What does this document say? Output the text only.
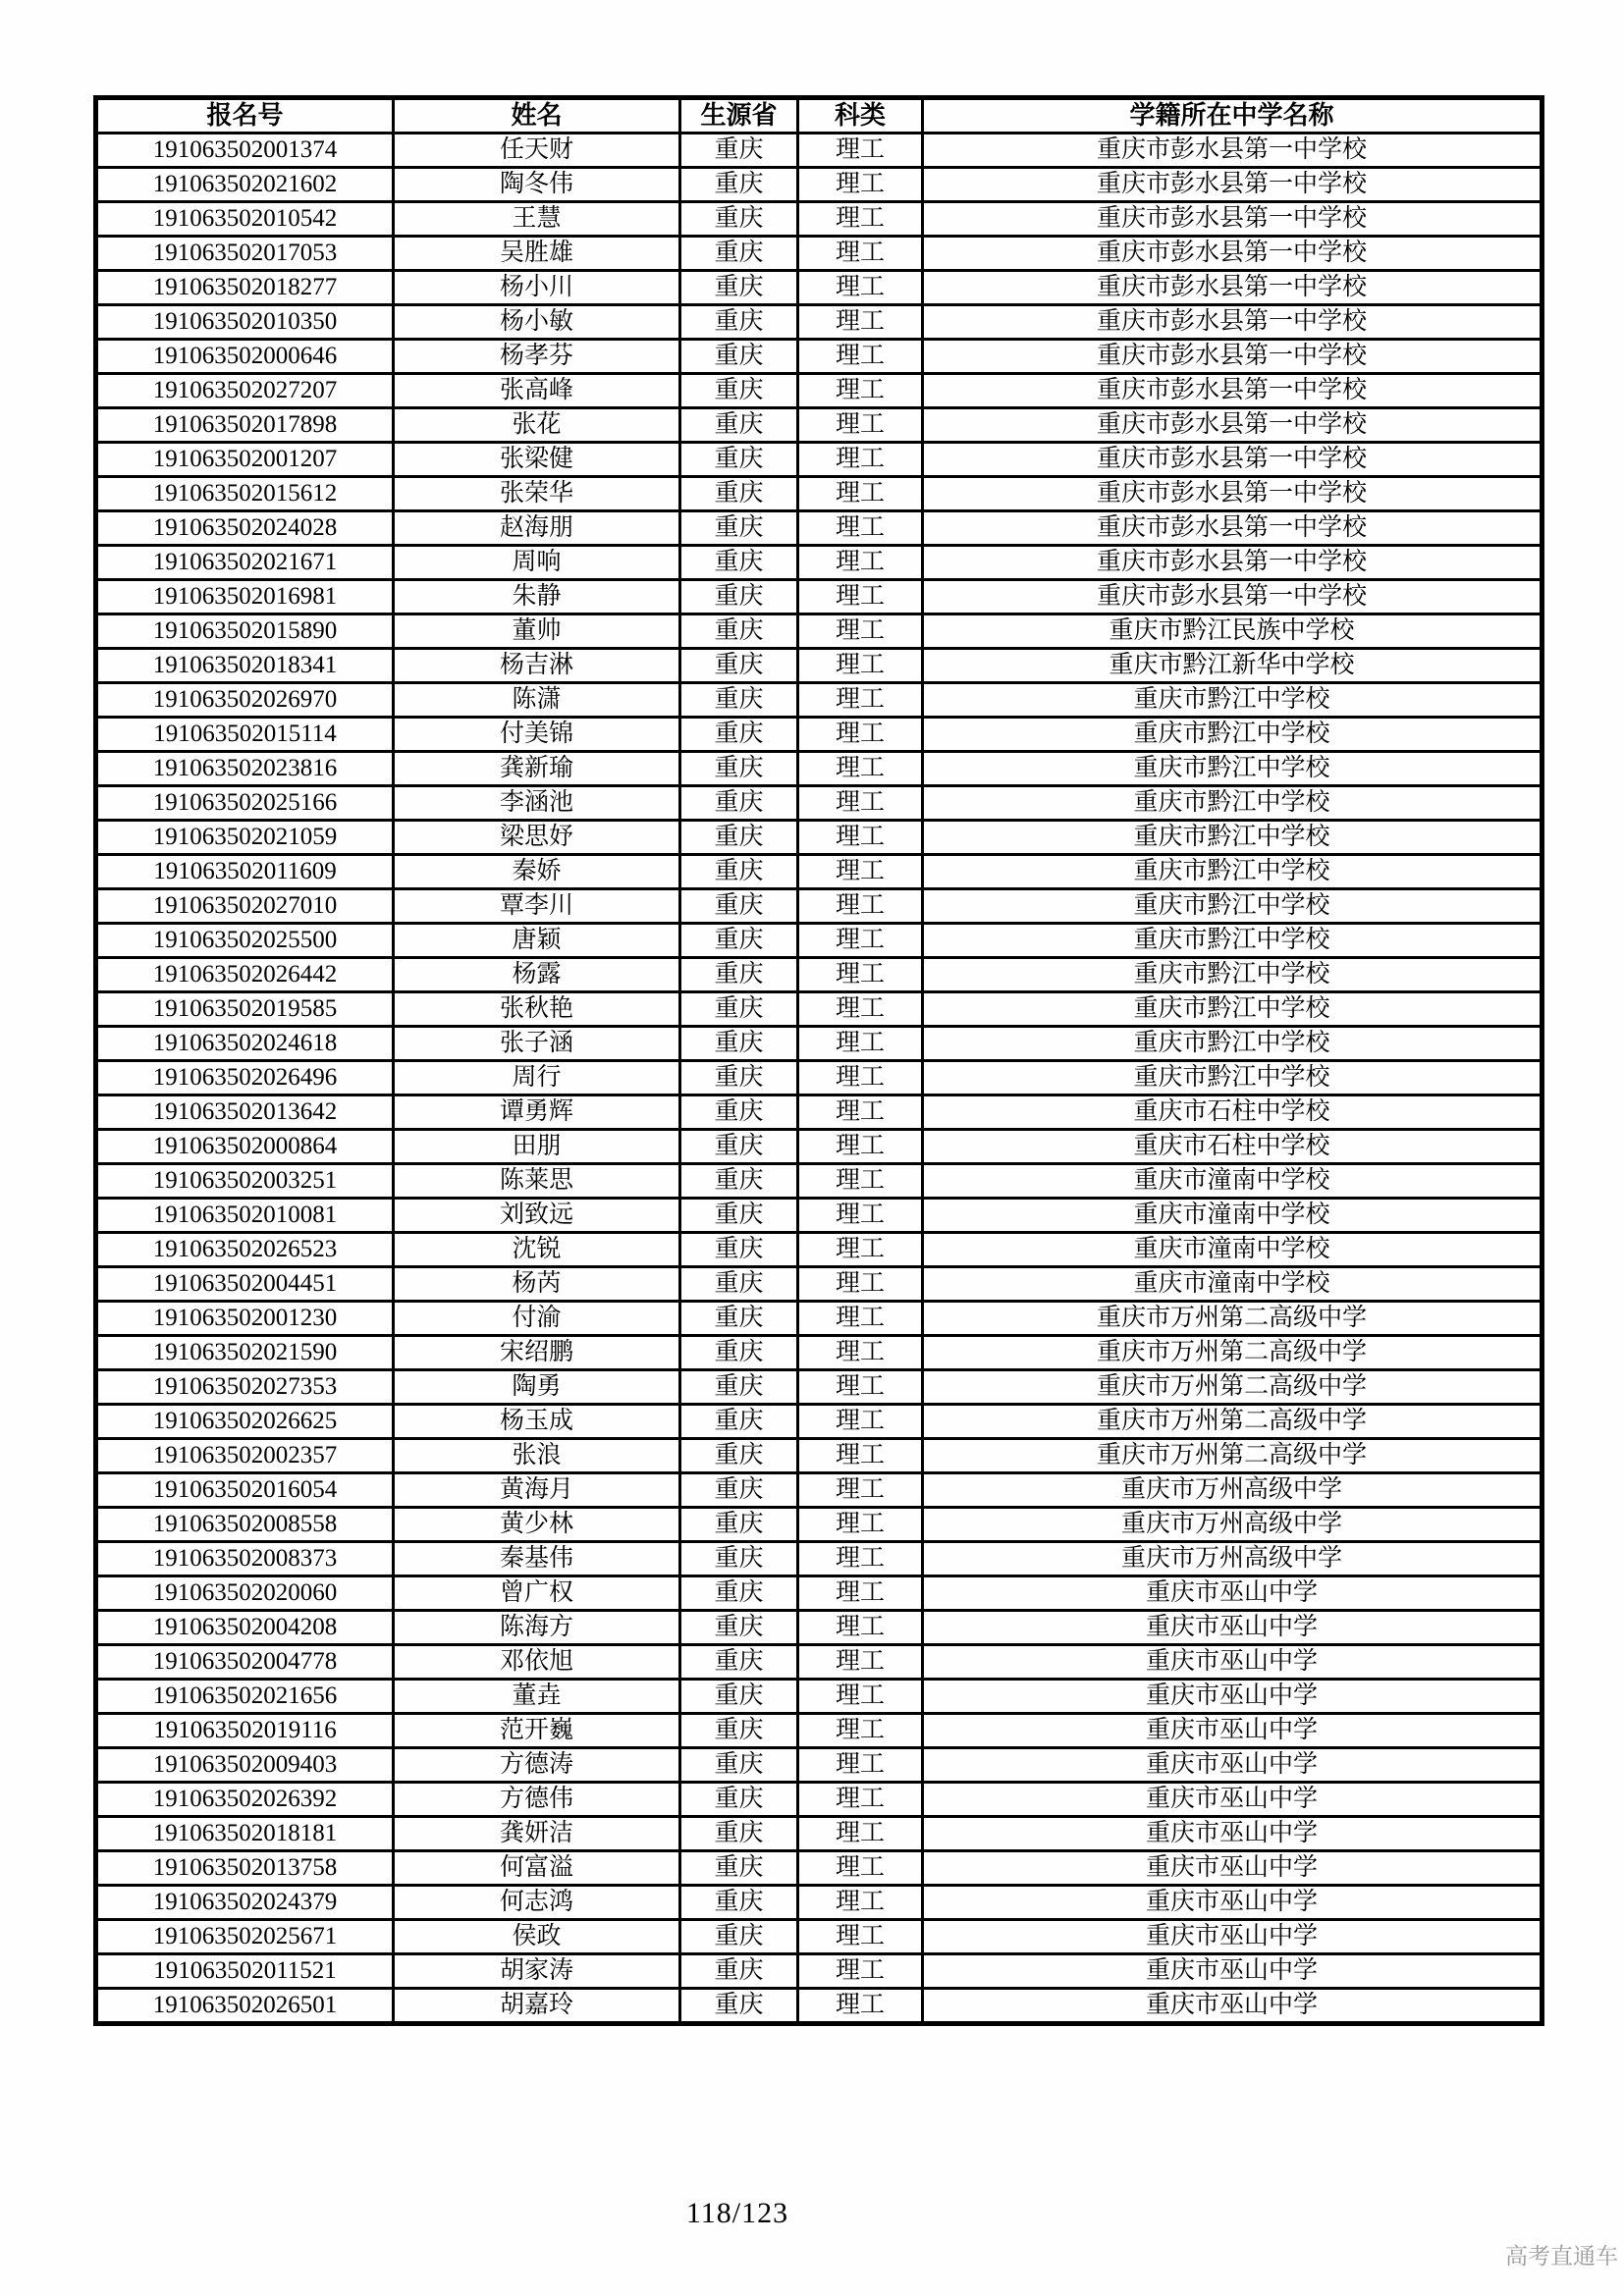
报名号	姓名	生源省	科类	学籍所在中学名称
191063502001374	任天财	重庆	理工	重庆市彭水县第一中学校
191063502021602	陶冬伟	重庆	理工	重庆市彭水县第一中学校
191063502010542	王慧	重庆	理工	重庆市彭水县第一中学校
191063502017053	吴胜雄	重庆	理工	重庆市彭水县第一中学校
191063502018277	杨小川	重庆	理工	重庆市彭水县第一中学校
191063502010350	杨小敏	重庆	理工	重庆市彭水县第一中学校
191063502000646	杨孝芬	重庆	理工	重庆市彭水县第一中学校
191063502027207	张高峰	重庆	理工	重庆市彭水县第一中学校
191063502017898	张花	重庆	理工	重庆市彭水县第一中学校
191063502001207	张梁健	重庆	理工	重庆市彭水县第一中学校
191063502015612	张荣华	重庆	理工	重庆市彭水县第一中学校
191063502024028	赵海朋	重庆	理工	重庆市彭水县第一中学校
191063502021671	周响	重庆	理工	重庆市彭水县第一中学校
191063502016981	朱静	重庆	理工	重庆市彭水县第一中学校
191063502015890	董帅	重庆	理工	重庆市黔江民族中学校
191063502018341	杨吉淋	重庆	理工	重庆市黔江新华中学校
191063502026970	陈潇	重庆	理工	重庆市黔江中学校
191063502015114	付美锦	重庆	理工	重庆市黔江中学校
191063502023816	龚新瑜	重庆	理工	重庆市黔江中学校
191063502025166	李涵池	重庆	理工	重庆市黔江中学校
191063502021059	梁思妤	重庆	理工	重庆市黔江中学校
191063502011609	秦娇	重庆	理工	重庆市黔江中学校
191063502027010	覃李川	重庆	理工	重庆市黔江中学校
191063502025500	唐颖	重庆	理工	重庆市黔江中学校
191063502026442	杨露	重庆	理工	重庆市黔江中学校
191063502019585	张秋艳	重庆	理工	重庆市黔江中学校
191063502024618	张子涵	重庆	理工	重庆市黔江中学校
191063502026496	周行	重庆	理工	重庆市黔江中学校
191063502013642	谭勇辉	重庆	理工	重庆市石柱中学校
191063502000864	田朋	重庆	理工	重庆市石柱中学校
191063502003251	陈莱思	重庆	理工	重庆市潼南中学校
191063502010081	刘致远	重庆	理工	重庆市潼南中学校
191063502026523	沈锐	重庆	理工	重庆市潼南中学校
191063502004451	杨芮	重庆	理工	重庆市潼南中学校
191063502001230	付渝	重庆	理工	重庆市万州第二高级中学
191063502021590	宋绍鹏	重庆	理工	重庆市万州第二高级中学
191063502027353	陶勇	重庆	理工	重庆市万州第二高级中学
191063502026625	杨玉成	重庆	理工	重庆市万州第二高级中学
191063502002357	张浪	重庆	理工	重庆市万州第二高级中学
191063502016054	黄海月	重庆	理工	重庆市万州高级中学
191063502008558	黄少林	重庆	理工	重庆市万州高级中学
191063502008373	秦基伟	重庆	理工	重庆市万州高级中学
191063502020060	曾广权	重庆	理工	重庆市巫山中学
191063502004208	陈海方	重庆	理工	重庆市巫山中学
191063502004778	邓依旭	重庆	理工	重庆市巫山中学
191063502021656	董垚	重庆	理工	重庆市巫山中学
191063502019116	范开巍	重庆	理工	重庆市巫山中学
191063502009403	方德涛	重庆	理工	重庆市巫山中学
191063502026392	方德伟	重庆	理工	重庆市巫山中学
191063502018181	龚妍洁	重庆	理工	重庆市巫山中学
191063502013758	何富溢	重庆	理工	重庆市巫山中学
191063502024379	何志鸿	重庆	理工	重庆市巫山中学
191063502025671	侯政	重庆	理工	重庆市巫山中学
191063502011521	胡家涛	重庆	理工	重庆市巫山中学
191063502026501	胡嘉玲	重庆	理工	重庆市巫山中学
118/123
高考直通车
